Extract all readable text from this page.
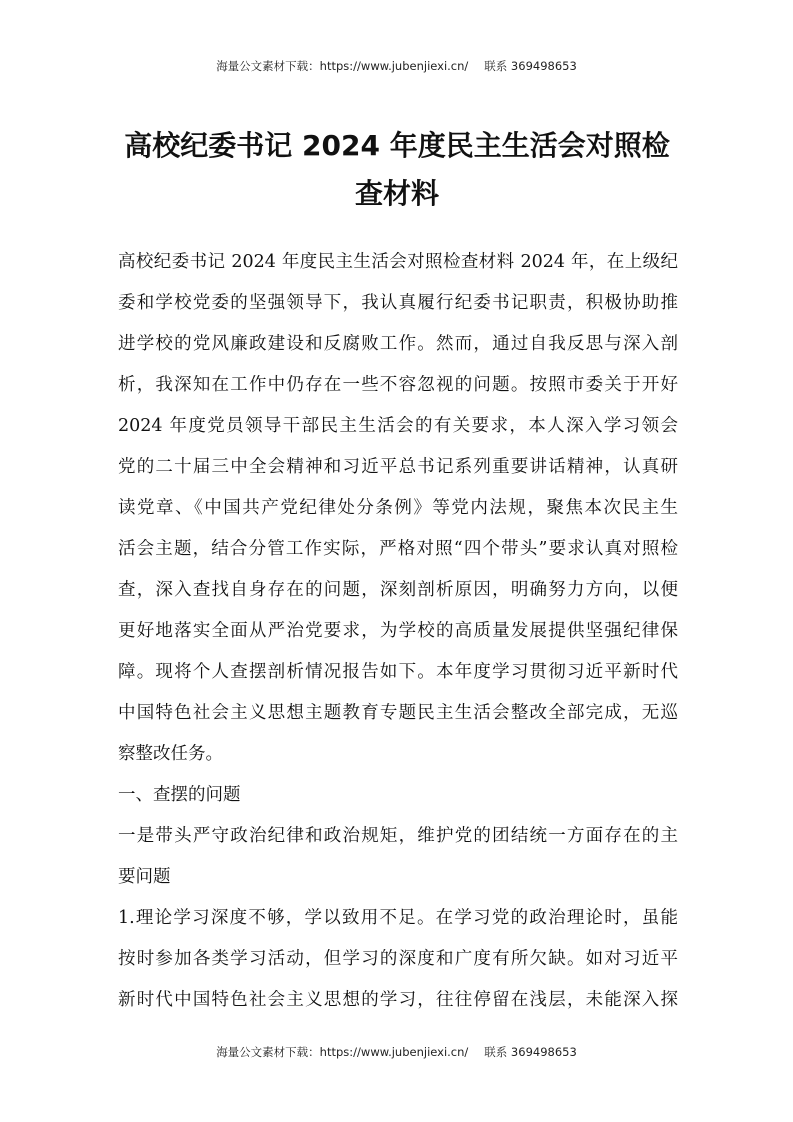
海量公文素材下载：https://www.jubenjiexi.cn/ 联系 369498653
高校纪委书记 2024 年度民主生活会对照检
查材料

高校纪委书记 2024 年度民主生活会对照检查材料 2024 年，在上级纪
委和学校党委的坚强领导下，我认真履行纪委书记职责，积极协助推
进学校的党风廉政建设和反腐败工作。然而，通过自我反思与深入剖
析，我深知在工作中仍存在一些不容忽视的问题。按照市委关于开好
2024 年度党员领导干部民主生活会的有关要求，本人深入学习领会
党的二十届三中全会精神和习近平总书记系列重要讲话精神，认真研
读党章、《中国共产党纪律处分条例》等党内法规，聚焦本次民主生
活会主题，结合分管工作实际，严格对照“四个带头”要求认真对照检
查，深入查找自身存在的问题，深刻剖析原因，明确努力方向，以便
更好地落实全面从严治党要求，为学校的高质量发展提供坚强纪律保
障。现将个人查摆剖析情况报告如下。本年度学习贯彻习近平新时代
中国特色社会主义思想主题教育专题民主生活会整改全部完成，无巡
察整改任务。

一、查摆的问题

一是带头严守政治纪律和政治规矩，维护党的团结统一方面存在的主
要问题

1.理论学习深度不够，学以致用不足。在学习党的政治理论时，虽能
按时参加各类学习活动，但学习的深度和广度有所欠缺。如对习近平
新时代中国特色社会主义思想的学习，往往停留在浅层，未能深入探

海量公文素材下载：https://www.jubenjiexi.cn/ 联系 369498653
